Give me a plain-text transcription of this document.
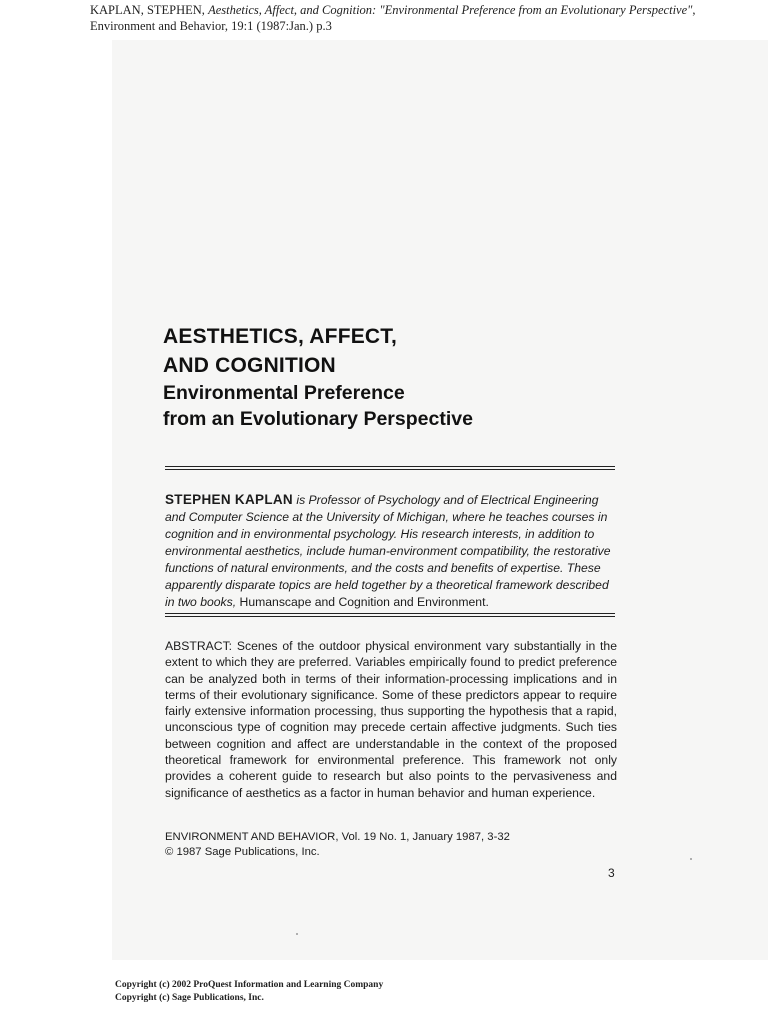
KAPLAN, STEPHEN, Aesthetics, Affect, and Cognition: "Environmental Preference from an Evolutionary Perspective", Environment and Behavior, 19:1 (1987:Jan.) p.3
AESTHETICS, AFFECT,
AND COGNITION
Environmental Preference
from an Evolutionary Perspective
STEPHEN KAPLAN is Professor of Psychology and of Electrical Engineering and Computer Science at the University of Michigan, where he teaches courses in cognition and in environmental psychology. His research interests, in addition to environmental aesthetics, include human-environment compatibility, the restorative functions of natural environments, and the costs and benefits of expertise. These apparently disparate topics are held together by a theoretical framework described in two books, Humanscape and Cognition and Environment.
ABSTRACT: Scenes of the outdoor physical environment vary substantially in the extent to which they are preferred. Variables empirically found to predict preference can be analyzed both in terms of their information-processing implications and in terms of their evolutionary significance. Some of these predictors appear to require fairly extensive information processing, thus supporting the hypothesis that a rapid, unconscious type of cognition may precede certain affective judgments. Such ties between cognition and affect are understandable in the context of the proposed theoretical framework for environmental preference. This framework not only provides a coherent guide to research but also points to the pervasiveness and significance of aesthetics as a factor in human behavior and human experience.
ENVIRONMENT AND BEHAVIOR, Vol. 19 No. 1, January 1987, 3-32
© 1987 Sage Publications, Inc.
3
Copyright (c) 2002 ProQuest Information and Learning Company
Copyright (c) Sage Publications, Inc.
